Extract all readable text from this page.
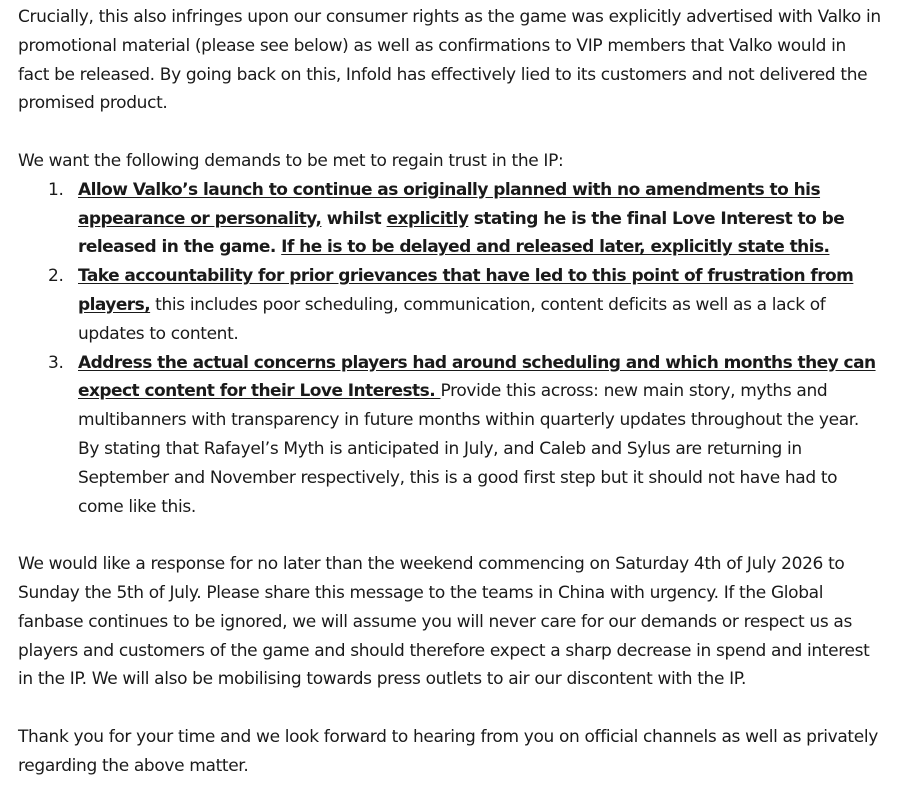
Crucially, this also infringes upon our consumer rights as the game was explicitly advertised with Valko in promotional material (please see below) as well as confirmations to VIP members that Valko would in fact be released. By going back on this, Infold has effectively lied to its customers and not delivered the promised product.

We want the following demands to be met to regain trust in the IP:

1. Allow Valko’s launch to continue as originally planned with no amendments to his appearance or personality, whilst explicitly stating he is the final Love Interest to be released in the game. If he is to be delayed and released later, explicitly state this.
2. Take accountability for prior grievances that have led to this point of frustration from players, this includes poor scheduling, communication, content deficits as well as a lack of updates to content.
3. Address the actual concerns players had around scheduling and which months they can expect content for their Love Interests. Provide this across: new main story, myths and multibanners with transparency in future months within quarterly updates throughout the year. By stating that Rafayel’s Myth is anticipated in July, and Caleb and Sylus are returning in September and November respectively, this is a good first step but it should not have had to come like this.

We would like a response for no later than the weekend commencing on Saturday 4th of July 2026 to Sunday the 5th of July. Please share this message to the teams in China with urgency. If the Global fanbase continues to be ignored, we will assume you will never care for our demands or respect us as players and customers of the game and should therefore expect a sharp decrease in spend and interest in the IP. We will also be mobilising towards press outlets to air our discontent with the IP.

Thank you for your time and we look forward to hearing from you on official channels as well as privately regarding the above matter.
